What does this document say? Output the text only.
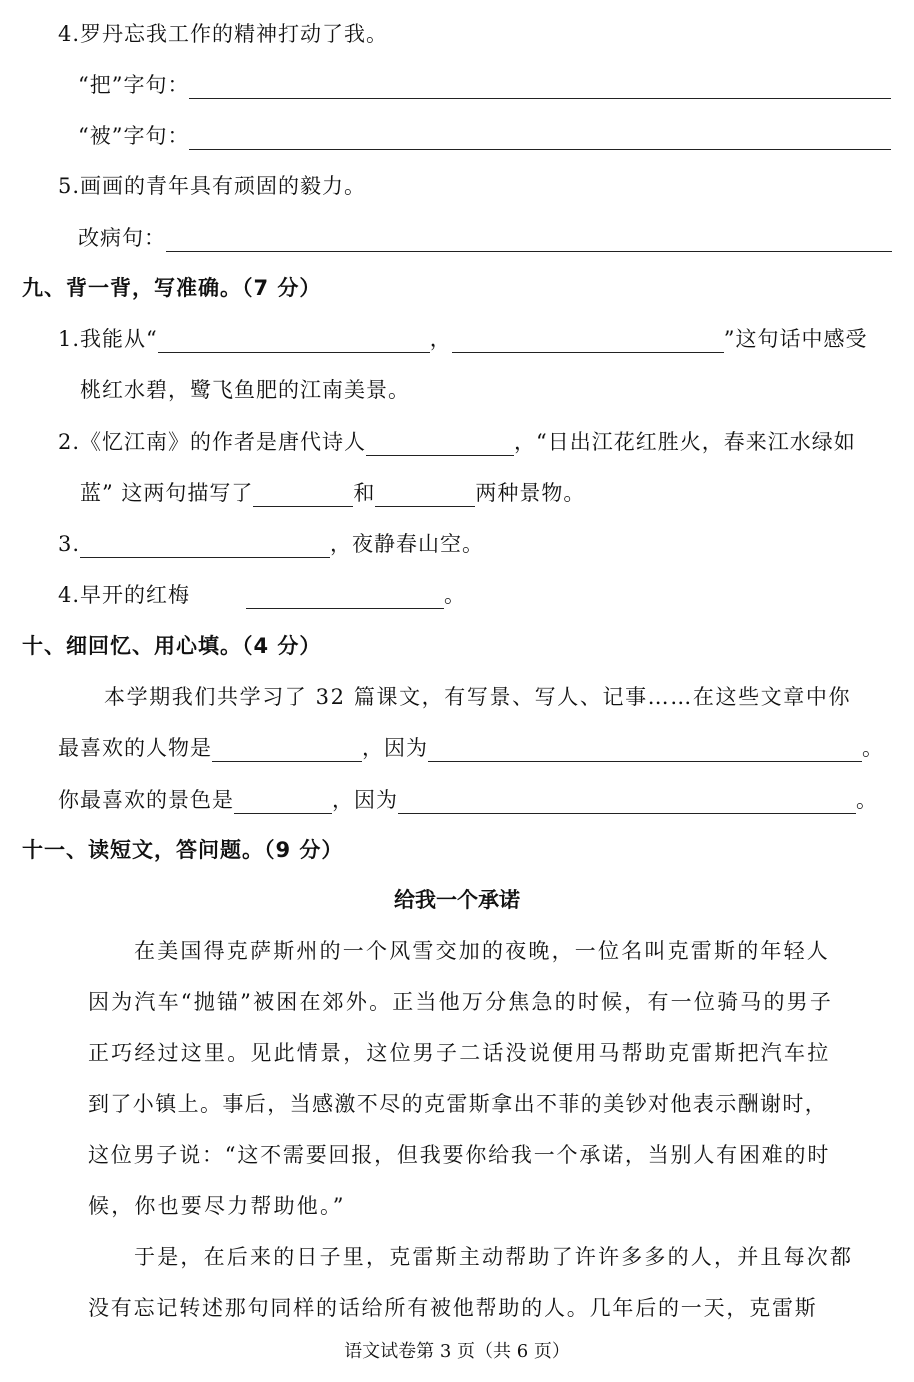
4.罗丹忘我工作的精神打动了我。
“把”字句：
“被”字句：
5.画画的青年具有顽固的毅力。
改病句：
九、背一背，写准确。（7 分）
1.我能从“	，	”这句话中感受
桃红水碧，鹭飞鱼肥的江南美景。
2.《忆江南》的作者是唐代诗人	，“日出江花红胜火，春来江水绿如
蓝” 这两句描写了	和	两种景物。
3.	，夜静春山空。
4.早开的红梅	。
十、细回忆、用心填。（4 分）
本学期我们共学习了 32 篇课文，有写景、写人、记事……在这些文章中你
最喜欢的人物是	，因为	。
你最喜欢的景色是	，因为	。
十一、读短文，答问题。（9 分）
给我一个承诺
在美国得克萨斯州的一个风雪交加的夜晚，一位名叫克雷斯的年轻人
因为汽车“抛锚”被困在郊外。正当他万分焦急的时候，有一位骑马的男子
正巧经过这里。见此情景，这位男子二话没说便用马帮助克雷斯把汽车拉
到了小镇上。事后，当感激不尽的克雷斯拿出不菲的美钞对他表示酬谢时，
这位男子说：“这不需要回报，但我要你给我一个承诺，当别人有困难的时
候，你也要尽力帮助他。”
于是，在后来的日子里，克雷斯主动帮助了许许多多的人，并且每次都
没有忘记转述那句同样的话给所有被他帮助的人。几年后的一天，克雷斯
语文试卷第 3 页（共 6 页）
